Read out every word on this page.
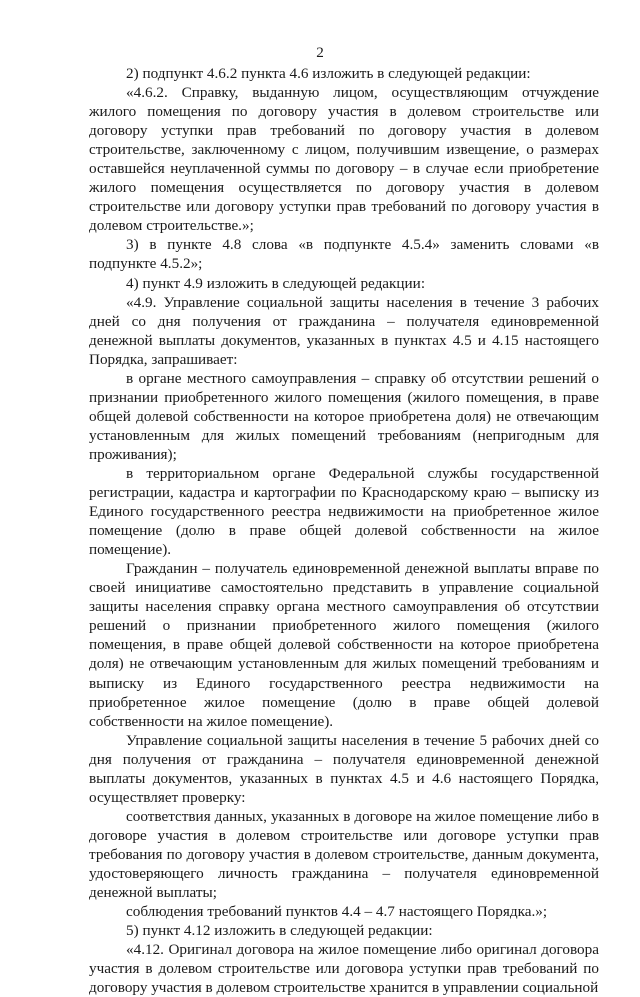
2

2) подпункт 4.6.2 пункта 4.6 изложить в следующей редакции:

«4.6.2. Справку, выданную лицом, осуществляющим отчуждение жилого помещения по договору участия в долевом строительстве или договору уступки прав требований по договору участия в долевом строительстве, заключенному с лицом, получившим извещение, о размерах оставшейся неуплаченной суммы по договору – в случае если приобретение жилого помещения осуществляется по договору участия в долевом строительстве или договору уступки прав требований по договору участия в долевом строительстве.»;

3) в пункте 4.8 слова «в подпункте 4.5.4» заменить словами «в подпункте 4.5.2»;

4) пункт 4.9 изложить в следующей редакции:

«4.9. Управление социальной защиты населения в течение 3 рабочих дней со дня получения от гражданина – получателя единовременной денежной выплаты документов, указанных в пунктах 4.5 и 4.15 настоящего Порядка, запрашивает:

в органе местного самоуправления – справку об отсутствии решений о признании приобретенного жилого помещения (жилого помещения, в праве общей долевой собственности на которое приобретена доля) не отвечающим установленным для жилых помещений требованиям (непригодным для проживания);

в территориальном органе Федеральной службы государственной регистрации, кадастра и картографии по Краснодарскому краю – выписку из Единого государственного реестра недвижимости на приобретенное жилое помещение (долю в праве общей долевой собственности на жилое помещение).

Гражданин – получатель единовременной денежной выплаты вправе по своей инициативе самостоятельно представить в управление социальной защиты населения справку органа местного самоуправления об отсутствии решений о признании приобретенного жилого помещения (жилого помещения, в праве общей долевой собственности на которое приобретена доля) не отвечающим установленным для жилых помещений требованиям и выписку из Единого государственного реестра недвижимости на приобретенное жилое помещение (долю в праве общей долевой собственности на жилое помещение).

Управление социальной защиты населения в течение 5 рабочих дней со дня получения от гражданина – получателя единовременной денежной выплаты документов, указанных в пунктах 4.5 и 4.6 настоящего Порядка, осуществляет проверку:

соответствия данных, указанных в договоре на жилое помещение либо в договоре участия в долевом строительстве или договоре уступки прав требования по договору участия в долевом строительстве, данным документа, удостоверяющего личность гражданина – получателя единовременной денежной выплаты;

соблюдения требований пунктов 4.4 – 4.7 настоящего Порядка.»;

5) пункт 4.12 изложить в следующей редакции:

«4.12. Оригинал договора на жилое помещение либо оригинал договора участия в долевом строительстве или договора уступки прав требований по договору участия в долевом строительстве хранится в управлении социальной
